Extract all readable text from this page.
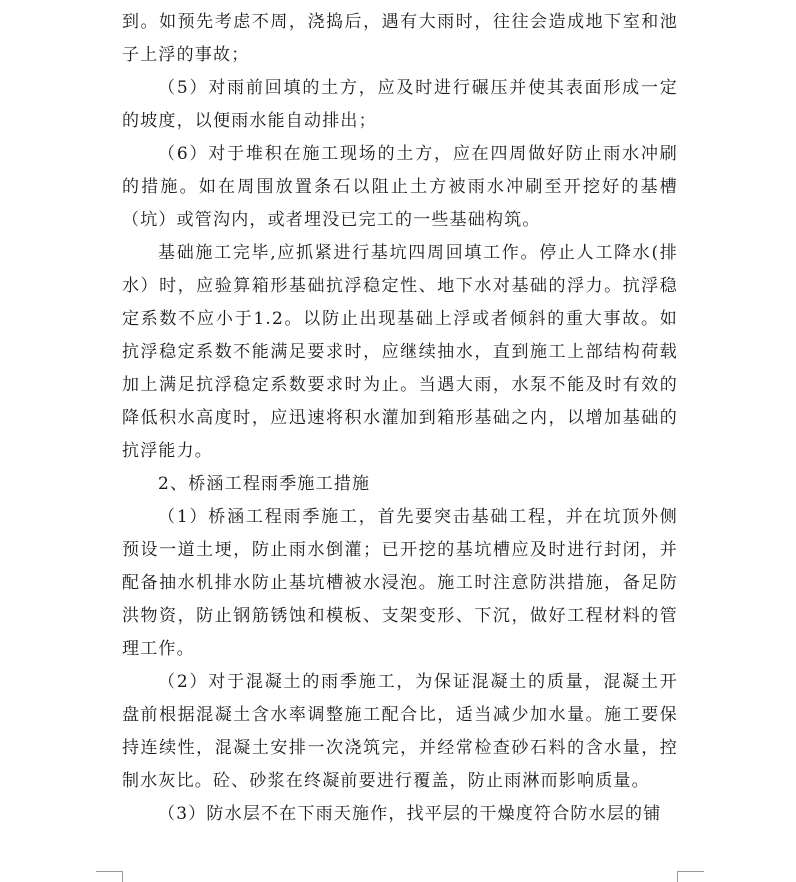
到。如预先考虑不周，浇捣后，遇有大雨时，往往会造成地下室和池子上浮的事故；

（5）对雨前回填的土方，应及时进行碾压并使其表面形成一定的坡度，以便雨水能自动排出；

（6）对于堆积在施工现场的土方，应在四周做好防止雨水冲刷的措施。如在周围放置条石以阻止土方被雨水冲刷至开挖好的基槽（坑）或管沟内，或者埋没已完工的一些基础构筑。

基础施工完毕,应抓紧进行基坑四周回填工作。停止人工降水(排水）时，应验算箱形基础抗浮稳定性、地下水对基础的浮力。抗浮稳定系数不应小于1.2。以防止出现基础上浮或者倾斜的重大事故。如抗浮稳定系数不能满足要求时，应继续抽水，直到施工上部结构荷载加上满足抗浮稳定系数要求时为止。当遇大雨，水泵不能及时有效的降低积水高度时，应迅速将积水灌加到箱形基础之内，以增加基础的抗浮能力。

2、桥涵工程雨季施工措施

（1）桥涵工程雨季施工，首先要突击基础工程，并在坑顶外侧预设一道土埂，防止雨水倒灌；已开挖的基坑槽应及时进行封闭，并配备抽水机排水防止基坑槽被水浸泡。施工时注意防洪措施，备足防洪物资，防止钢筋锈蚀和模板、支架变形、下沉，做好工程材料的管理工作。

（2）对于混凝土的雨季施工，为保证混凝土的质量，混凝土开盘前根据混凝土含水率调整施工配合比，适当减少加水量。施工要保持连续性，混凝土安排一次浇筑完，并经常检查砂石料的含水量，控制水灰比。砼、砂浆在终凝前要进行覆盖，防止雨淋而影响质量。

（3）防水层不在下雨天施作，找平层的干燥度符合防水层的铺
